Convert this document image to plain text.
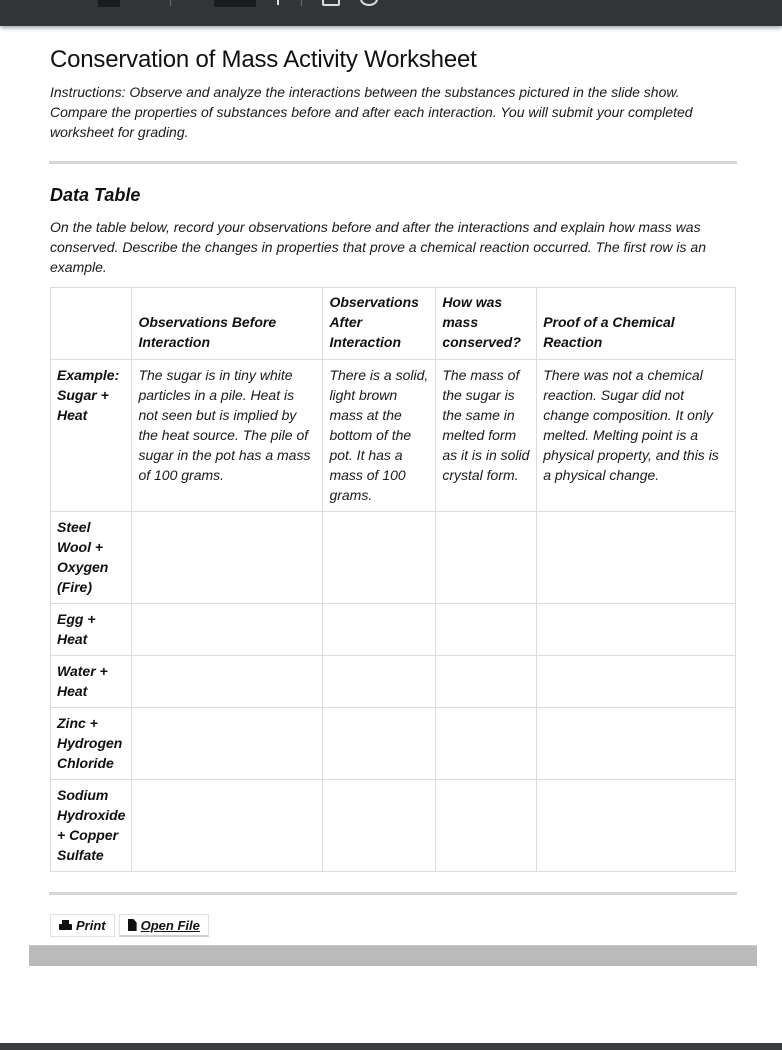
Conservation of Mass Activity Worksheet

Instructions: Observe and analyze the interactions between the substances pictured in the slide show. Compare the properties of substances before and after each interaction. You will submit your completed worksheet for grading.

Data Table

On the table below, record your observations before and after the interactions and explain how mass was conserved. Describe the changes in properties that prove a chemical reaction occurred. The first row is an example.

	Observations Before Interaction	Observations After Interaction	How was mass conserved?	Proof of a Chemical Reaction
Example: Sugar + Heat	The sugar is in tiny white particles in a pile. Heat is not seen but is implied by the heat source. The pile of sugar in the pot has a mass of 100 grams.	There is a solid, light brown mass at the bottom of the pot. It has a mass of 100 grams.	The mass of the sugar is the same in melted form as it is in solid crystal form.	There was not a chemical reaction. Sugar did not change composition. It only melted. Melting point is a physical property, and this is a physical change.
Steel Wool + Oxygen (Fire)				
Egg + Heat				
Water + Heat				
Zinc + Hydrogen Chloride				
Sodium Hydroxide + Copper Sulfate				
Print	Open File
